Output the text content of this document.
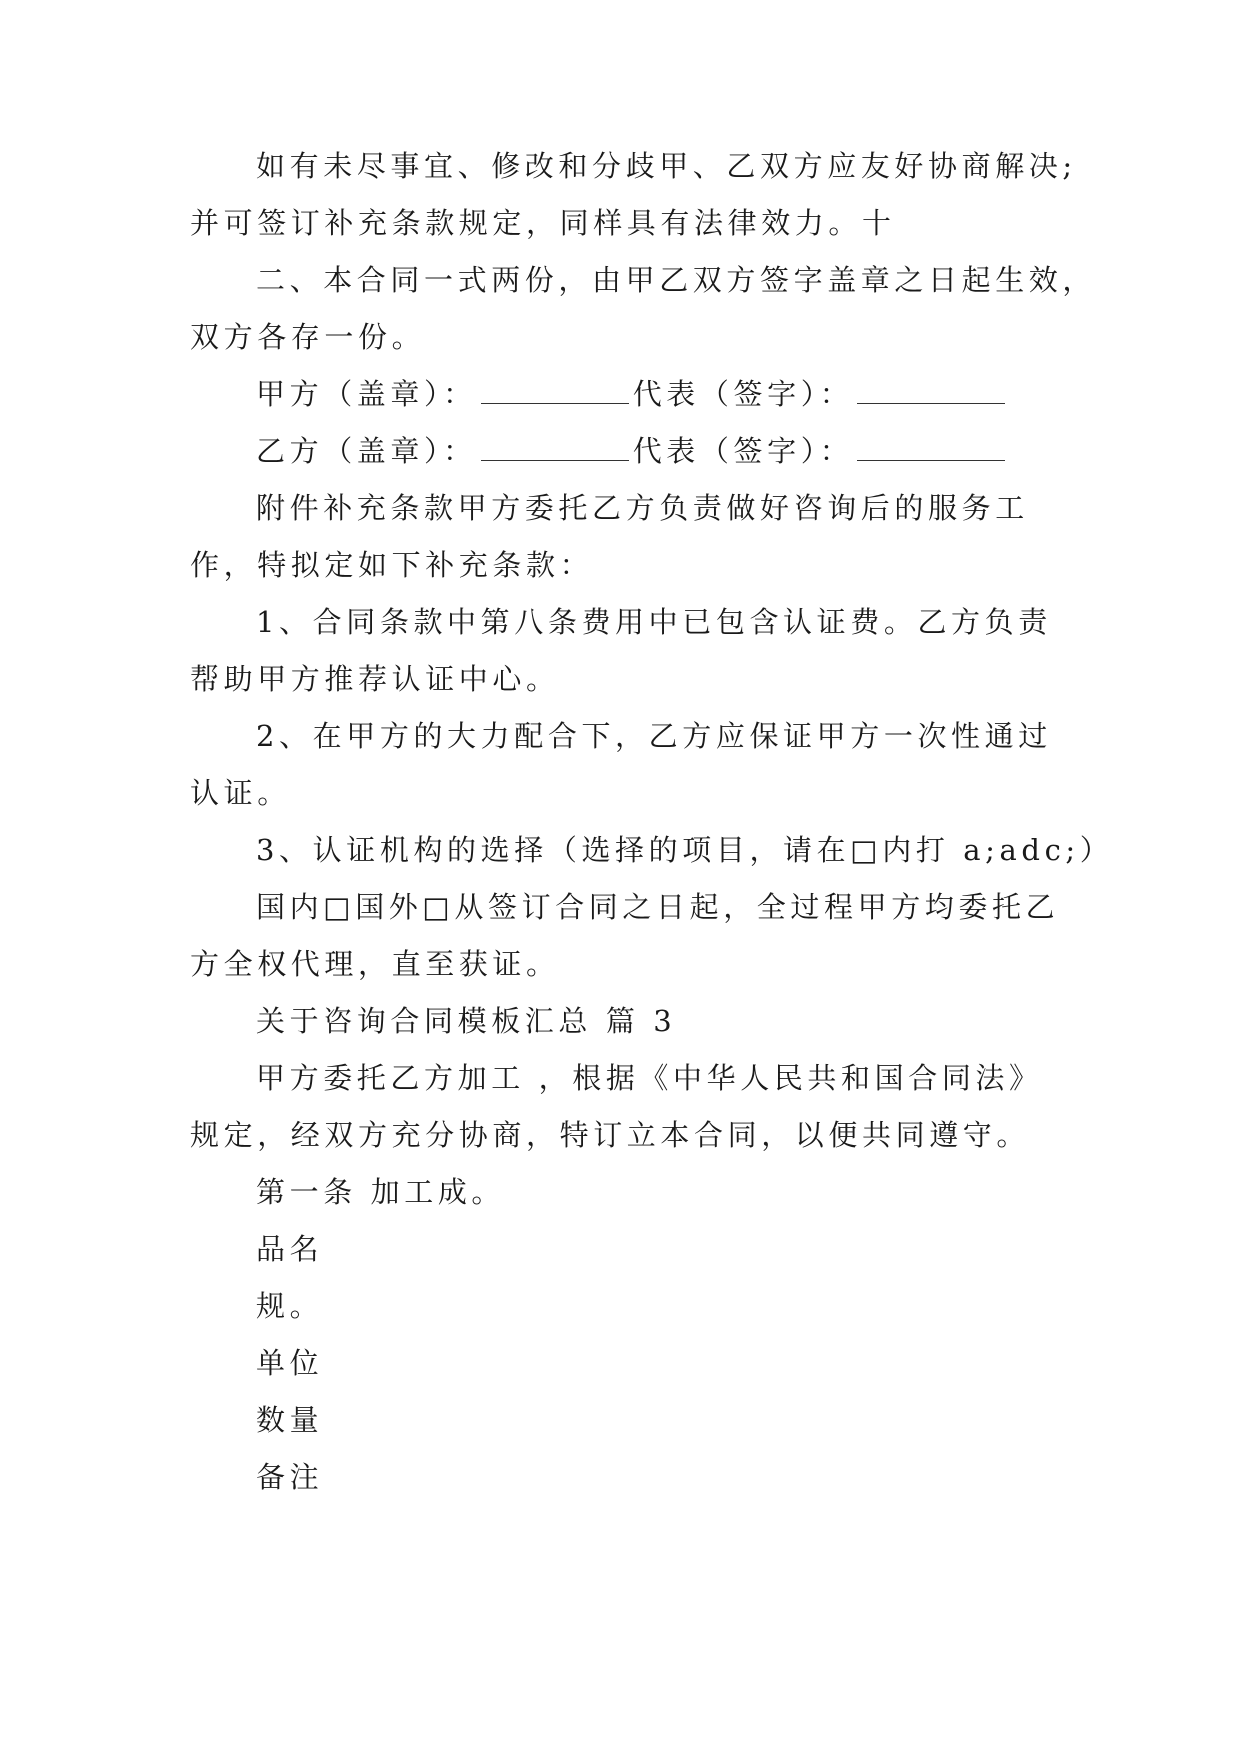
如有未尽事宜、修改和分歧甲、乙双方应友好协商解决;
并可签订补充条款规定，同样具有法律效力。十
二、本合同一式两份，由甲乙双方签字盖章之日起生效，
双方各存一份。
甲方（盖章）：	代表（签字）：
乙方（盖章）：	代表（签字）：
附件补充条款甲方委托乙方负责做好咨询后的服务工
作，特拟定如下补充条款：
1、合同条款中第八条费用中已包含认证费。乙方负责
帮助甲方推荐认证中心。
2、在甲方的大力配合下，乙方应保证甲方一次性通过
认证。
3、认证机构的选择（选择的项目，请在□内打 a;adc;）
国内□国外□从签订合同之日起，全过程甲方均委托乙
方全权代理，直至获证。
关于咨询合同模板汇总 篇 3
甲方委托乙方加工 ，根据《中华人民共和国合同法》
规定，经双方充分协商，特订立本合同，以便共同遵守。
第一条 加工成。
品名
规。
单位
数量
备注
